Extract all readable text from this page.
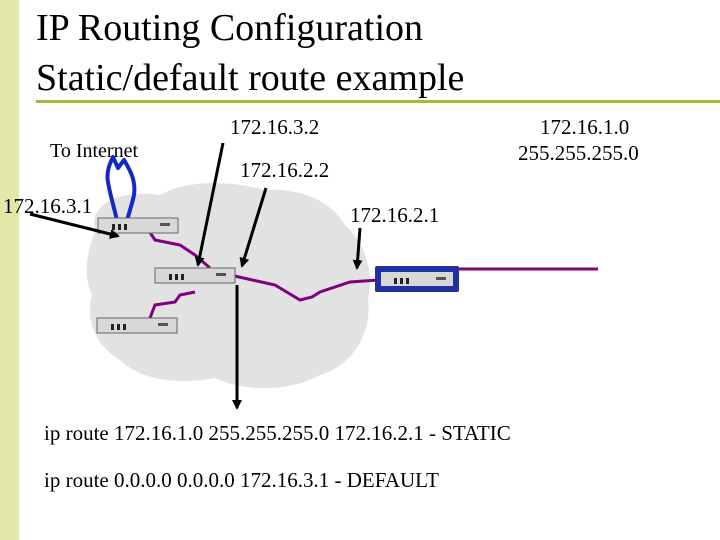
IP Routing Configuration
Static/default route example
To Internet
172.16.3.1
172.16.3.2
172.16.2.2
172.16.2.1
172.16.1.0
255.255.255.0
ip route 172.16.1.0 255.255.255.0 172.16.2.1 - STATIC
ip route 0.0.0.0 0.0.0.0 172.16.3.1 - DEFAULT
